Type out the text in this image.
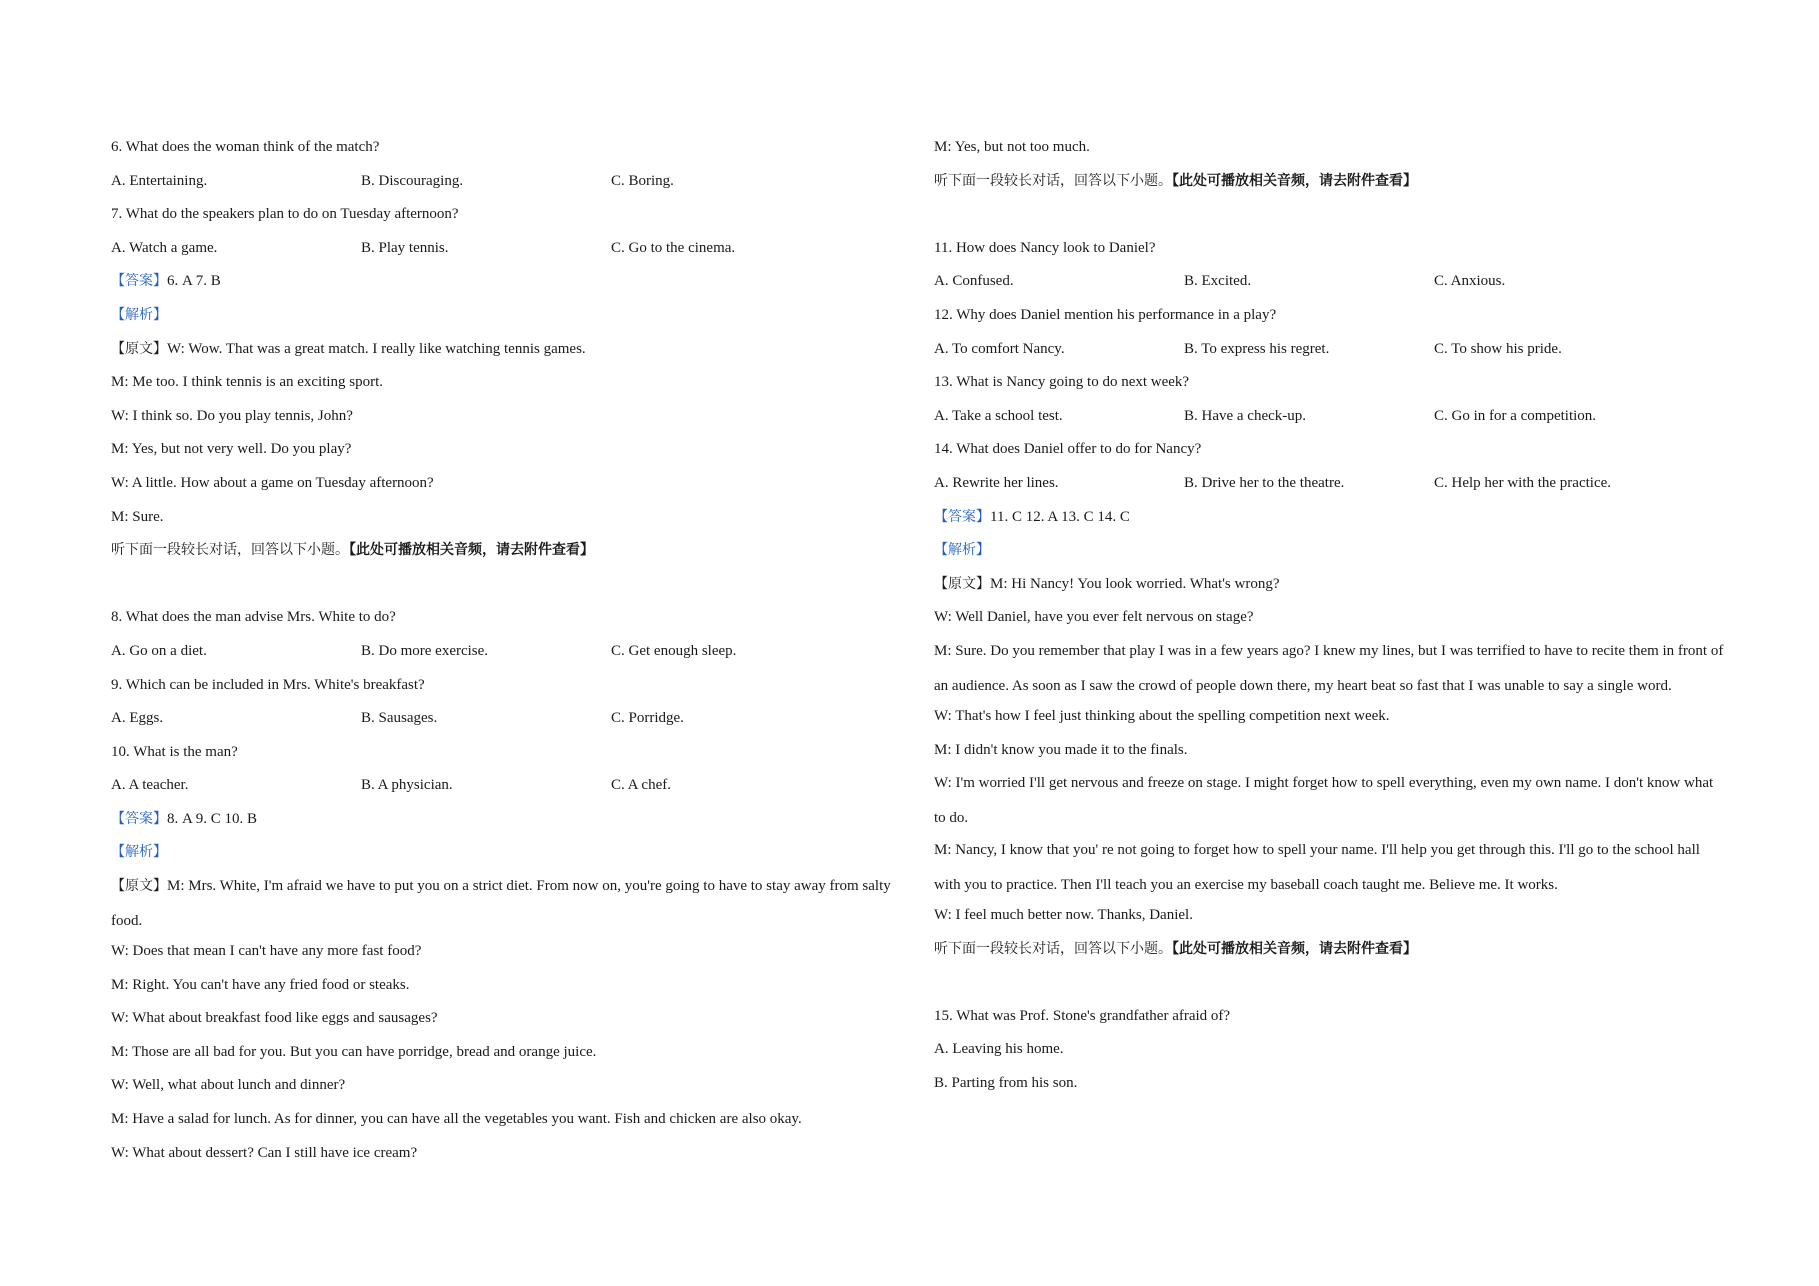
6. What does the woman think of the match?
A. Entertaining.	B. Discouraging.	C. Boring.
7. What do the speakers plan to do on Tuesday afternoon?
A. Watch a game.	B. Play tennis.	C. Go to the cinema.
【答案】6. A 7. B
【解析】
【原文】W: Wow. That was a great match. I really like watching tennis games.
M: Me too. I think tennis is an exciting sport.
W: I think so. Do you play tennis, John?
M: Yes, but not very well. Do you play?
W: A little. How about a game on Tuesday afternoon?
M: Sure.
听下面一段较长对话，回答以下小题。【此处可播放相关音频，请去附件查看】
8. What does the man advise Mrs. White to do?
A. Go on a diet.	B. Do more exercise.	C. Get enough sleep.
9. Which can be included in Mrs. White's breakfast?
A. Eggs.	B. Sausages.	C. Porridge.
10. What is the man?
A. A teacher.	B. A physician.	C. A chef.
【答案】8. A 9. C 10. B
【解析】
【原文】M: Mrs. White, I'm afraid we have to put you on a strict diet. From now on, you're going to have to stay away from salty food.
W: Does that mean I can't have any more fast food?
M: Right. You can't have any fried food or steaks.
W: What about breakfast food like eggs and sausages?
M: Those are all bad for you. But you can have porridge, bread and orange juice.
W: Well, what about lunch and dinner?
M: Have a salad for lunch. As for dinner, you can have all the vegetables you want. Fish and chicken are also okay.
W: What about dessert? Can I still have ice cream?
M: Yes, but not too much.
听下面一段较长对话，回答以下小题。【此处可播放相关音频，请去附件查看】
11. How does Nancy look to Daniel?
A. Confused.	B. Excited.	C. Anxious.
12. Why does Daniel mention his performance in a play?
A. To comfort Nancy.	B. To express his regret.	C. To show his pride.
13. What is Nancy going to do next week?
A. Take a school test.	B. Have a check-up.	C. Go in for a competition.
14. What does Daniel offer to do for Nancy?
A. Rewrite her lines.	B. Drive her to the theatre.	C. Help her with the practice.
【答案】11. C 12. A 13. C 14. C
【解析】
【原文】M: Hi Nancy! You look worried. What's wrong?
W: Well Daniel, have you ever felt nervous on stage?
M: Sure. Do you remember that play I was in a few years ago? I knew my lines, but I was terrified to have to recite them in front of an audience. As soon as I saw the crowd of people down there, my heart beat so fast that I was unable to say a single word.
W: That's how I feel just thinking about the spelling competition next week.
M: I didn't know you made it to the finals.
W: I'm worried I'll get nervous and freeze on stage. I might forget how to spell everything, even my own name. I don't know what to do.
M: Nancy, I know that you' re not going to forget how to spell your name. I'll help you get through this. I'll go to the school hall with you to practice. Then I'll teach you an exercise my baseball coach taught me. Believe me. It works.
W: I feel much better now. Thanks, Daniel.
听下面一段较长对话，回答以下小题。【此处可播放相关音频，请去附件查看】
15. What was Prof. Stone's grandfather afraid of?
A. Leaving his home.
B. Parting from his son.
